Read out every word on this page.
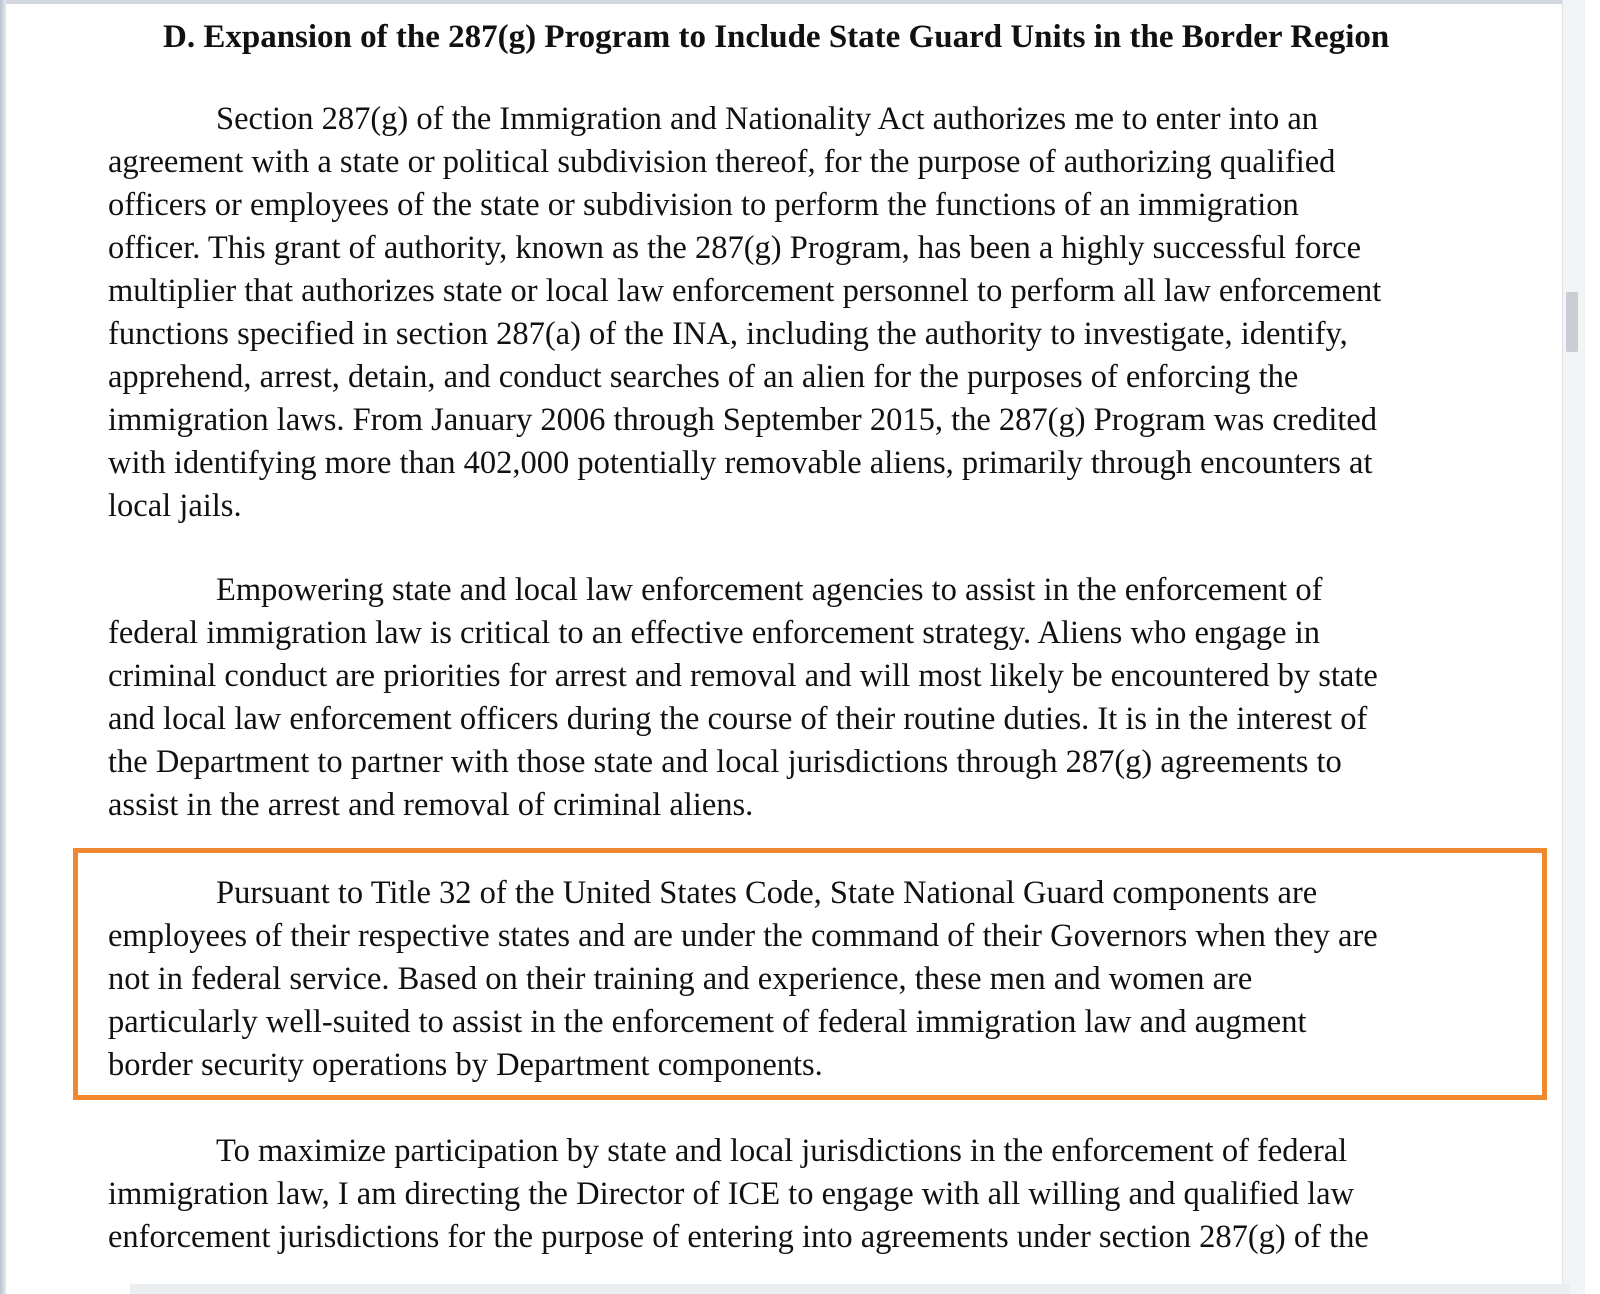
D. Expansion of the 287(g) Program to Include State Guard Units in the Border Region

Section 287(g) of the Immigration and Nationality Act authorizes me to enter into an
agreement with a state or political subdivision thereof, for the purpose of authorizing qualified
officers or employees of the state or subdivision to perform the functions of an immigration
officer. This grant of authority, known as the 287(g) Program, has been a highly successful force
multiplier that authorizes state or local law enforcement personnel to perform all law enforcement
functions specified in section 287(a) of the INA, including the authority to investigate, identify,
apprehend, arrest, detain, and conduct searches of an alien for the purposes of enforcing the
immigration laws. From January 2006 through September 2015, the 287(g) Program was credited
with identifying more than 402,000 potentially removable aliens, primarily through encounters at
local jails.

Empowering state and local law enforcement agencies to assist in the enforcement of
federal immigration law is critical to an effective enforcement strategy. Aliens who engage in
criminal conduct are priorities for arrest and removal and will most likely be encountered by state
and local law enforcement officers during the course of their routine duties. It is in the interest of
the Department to partner with those state and local jurisdictions through 287(g) agreements to
assist in the arrest and removal of criminal aliens.

Pursuant to Title 32 of the United States Code, State National Guard components are
employees of their respective states and are under the command of their Governors when they are
not in federal service. Based on their training and experience, these men and women are
particularly well-suited to assist in the enforcement of federal immigration law and augment
border security operations by Department components.

To maximize participation by state and local jurisdictions in the enforcement of federal
immigration law, I am directing the Director of ICE to engage with all willing and qualified law
enforcement jurisdictions for the purpose of entering into agreements under section 287(g) of the
